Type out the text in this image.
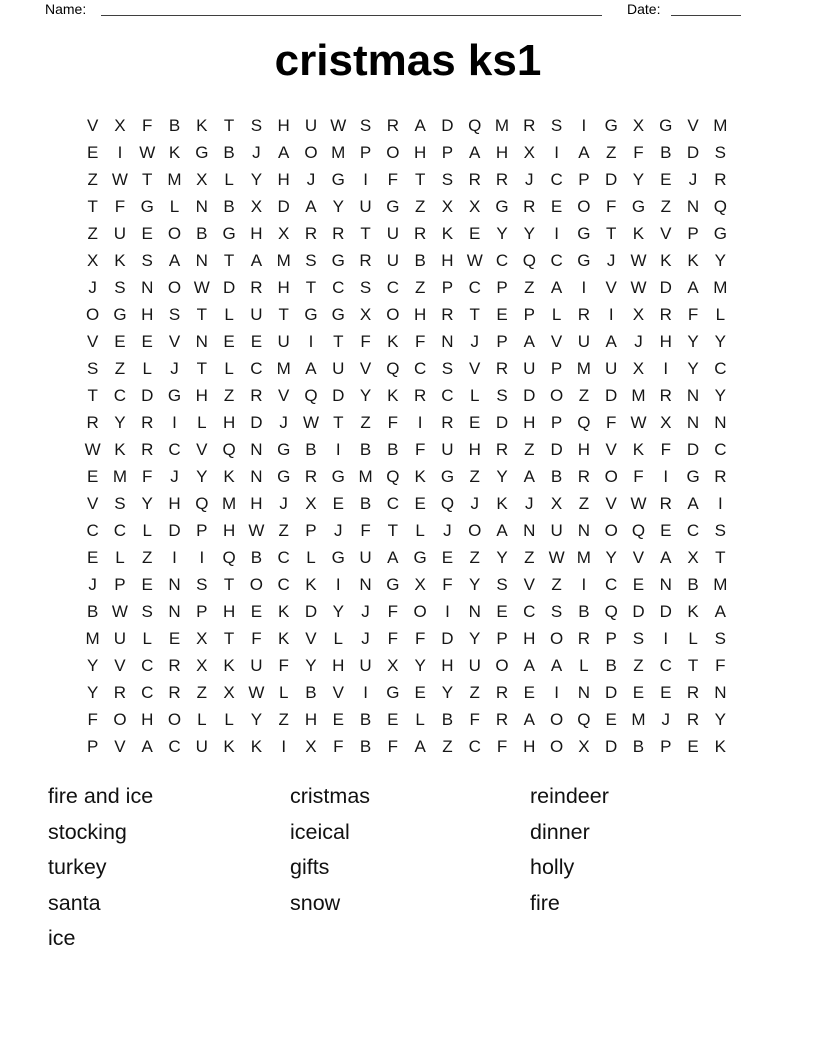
Name:	Date:
cristmas ks1
V X F B K T S H U W S R A D Q M R S	I	G X G V M
E	I W K G B	J	A O M P O H P A H X	I	A Z F B D S
Z W T M X L Y H J G	I	F T S R R J C P D Y E	J R
T F G L N B X D A Y U G Z X X G R E O F G Z N Q
Z U E O B G H X R R T U R K E Y Y	I	G T K V P G
X K S A N T A M S G R U B H W C Q C G J W K K Y
J	S N O W D R H T C S C Z P C P Z A	I	V W D A M
O G H S T	L U T G G X O H R T E P L R	I	X R F	L
V E E V N E E U	I	T F K F N J	P A V U A	J H Y Y
S Z	L	J	T	L C M A U V Q C S V R U P M U X	I	Y C
T C D G H Z R V Q D Y K R C L S D O Z D M R N Y
R Y R	I	L H D J W T Z F	I	R E D H P Q F W X N N
W K R C V Q N G B	I	B B F U H R Z D H V K F D C
E M F	J	Y K N G R G M Q K G Z Y A B R O F	I	G R
V S Y H Q M H J	X E B C E Q J	K	J	X Z V W R A	I
C C L D P H W Z P	J	F T	L	J O A N U N O Q E C S
E L	Z	I	I	Q B C L G U A G E Z Y Z W M Y V A X T
J	P E N S T O C K	I	N G X F Y S V Z	I	C E N B M
B W S N P H E K D Y	J	F O	I	N E C S B Q D D K A
M U L E X T F K V L	J	F F D Y P H O R P S	I	L S
Y V C R X K U F Y H U X Y H U O A A L B Z C T F
Y R C R Z X W L B V	I	G E Y Z R E	I	N D E E R N
F O H O L	L Y Z H E B E L B F R A O Q E M J R Y
P V A C U K K	I	X F B F A Z C F H O X D B P E K
fire and ice
stocking
turkey
santa
ice
cristmas
iceical
gifts
snow
reindeer
dinner
holly
fire
